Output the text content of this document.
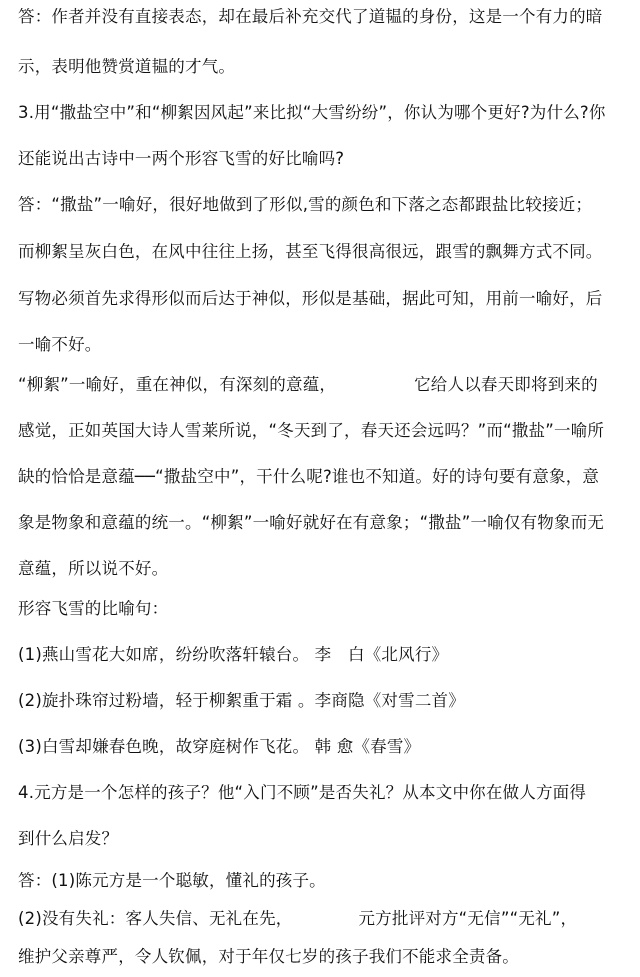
答：作者并没有直接表态，却在最后补充交代了道韫的身份，这是一个有力的暗
示，表明他赞赏道韫的才气。
3.用“撒盐空中”和“柳絮因风起”来比拟“大雪纷纷”，你认为哪个更好?为什么?你
还能说出古诗中一两个形容飞雪的好比喻吗?
答：“撒盐”一喻好，很好地做到了形似,雪的颜色和下落之态都跟盐比较接近；
而柳絮呈灰白色，在风中往往上扬，甚至飞得很高很远，跟雪的飘舞方式不同。
写物必须首先求得形似而后达于神似，形似是基础，据此可知，用前一喻好，后
一喻不好。
“柳絮”一喻好，重在神似，有深刻的意蕴，	它给人以春天即将到来的
感觉，正如英国大诗人雪莱所说，“冬天到了，春天还会远吗？”而“撒盐”一喻所
缺的恰恰是意蕴──“撒盐空中”，干什么呢?谁也不知道。好的诗句要有意象，意
象是物象和意蕴的统一。“柳絮”一喻好就好在有意象；“撒盐”一喻仅有物象而无
意蕴，所以说不好。
形容飞雪的比喻句：
(1)燕山雪花大如席，纷纷吹落轩辕台。 李　白《北风行》
(2)旋扑珠帘过粉墙，轻于柳絮重于霜 。李商隐《对雪二首》
(3)白雪却嫌春色晚，故穿庭树作飞花。 韩 愈《春雪》
4.元方是一个怎样的孩子？他“入门不顾”是否失礼？从本文中你在做人方面得
到什么启发？
答：(1)陈元方是一个聪敏，懂礼的孩子。
(2)没有失礼：客人失信、无礼在先，	元方批评对方“无信”“无礼”，
维护父亲尊严，令人钦佩，对于年仅七岁的孩子我们不能求全责备。
